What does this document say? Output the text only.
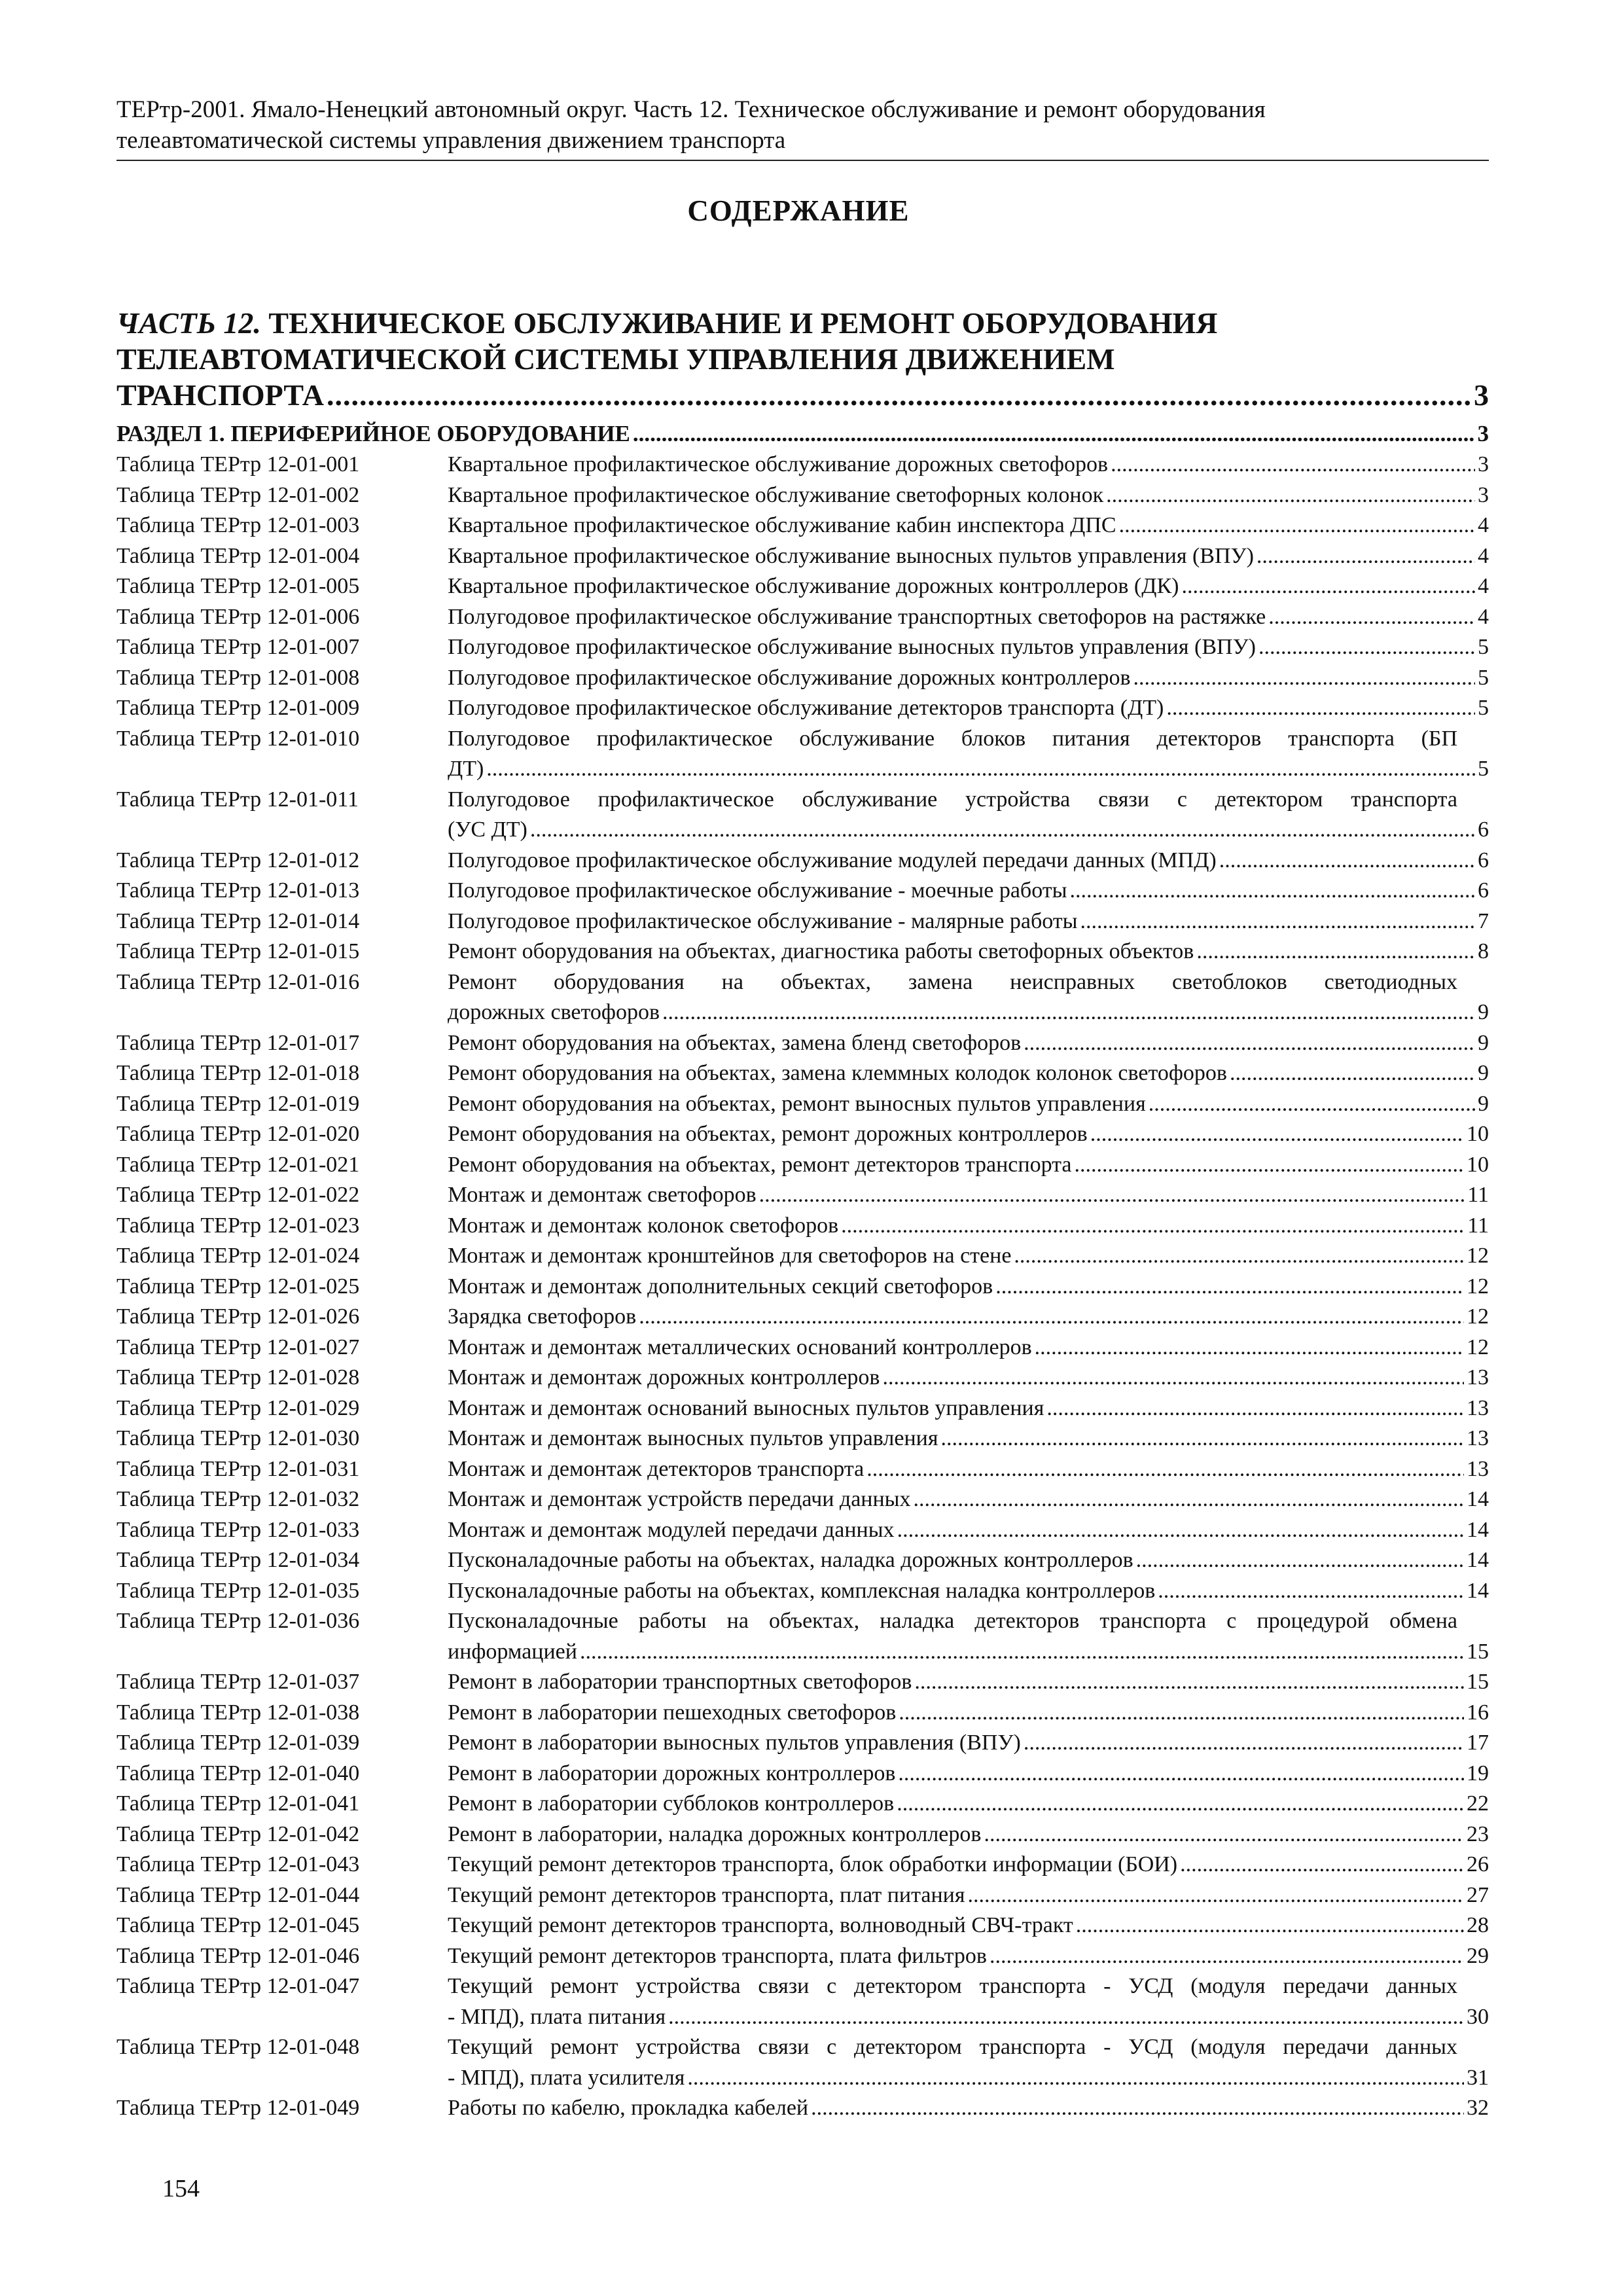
ТЕРтр-2001. Ямало-Ненецкий автономный округ. Часть 12. Техническое обслуживание и ремонт оборудования
телеавтоматической системы управления движением транспорта
СОДЕРЖАНИЕ
ЧАСТЬ 12. ТЕХНИЧЕСКОЕ ОБСЛУЖИВАНИЕ И РЕМОНТ ОБОРУДОВАНИЯ
ТЕЛЕАВТОМАТИЧЕСКОЙ СИСТЕМЫ УПРАВЛЕНИЯ ДВИЖЕНИЕМ
ТРАНСПОРТА .....	3
РАЗДЕЛ 1. ПЕРИФЕРИЙНОЕ ОБОРУДОВАНИЕ .....	3
Таблица ТЕРтр 12-01-001	Квартальное профилактическое обслуживание дорожных светофоров .....	3
Таблица ТЕРтр 12-01-002	Квартальное профилактическое обслуживание светофорных колонок .....	3
Таблица ТЕРтр 12-01-003	Квартальное профилактическое обслуживание кабин инспектора ДПС .....	4
Таблица ТЕРтр 12-01-004	Квартальное профилактическое обслуживание выносных пультов управления (ВПУ) .....	4
Таблица ТЕРтр 12-01-005	Квартальное профилактическое обслуживание дорожных контроллеров (ДК) .....	4
Таблица ТЕРтр 12-01-006	Полугодовое профилактическое обслуживание транспортных светофоров на растяжке .....	4
Таблица ТЕРтр 12-01-007	Полугодовое профилактическое обслуживание выносных пультов управления (ВПУ) .....	5
Таблица ТЕРтр 12-01-008	Полугодовое профилактическое обслуживание дорожных контроллеров .....	5
Таблица ТЕРтр 12-01-009	Полугодовое профилактическое обслуживание детекторов транспорта (ДТ) .....	5
Таблица ТЕРтр 12-01-010	Полугодовое профилактическое обслуживание блоков питания детекторов транспорта (БП
ДТ) .....	5
Таблица ТЕРтр 12-01-011	Полугодовое профилактическое обслуживание устройства связи с детектором транспорта
(УС ДТ) .....	6
Таблица ТЕРтр 12-01-012	Полугодовое профилактическое обслуживание модулей передачи данных (МПД) .....	6
Таблица ТЕРтр 12-01-013	Полугодовое профилактическое обслуживание - моечные работы .....	6
Таблица ТЕРтр 12-01-014	Полугодовое профилактическое обслуживание - малярные работы .....	7
Таблица ТЕРтр 12-01-015	Ремонт оборудования на объектах, диагностика работы светофорных объектов .....	8
Таблица ТЕРтр 12-01-016	Ремонт оборудования на объектах, замена неисправных светоблоков светодиодных
дорожных светофоров .....	9
Таблица ТЕРтр 12-01-017	Ремонт оборудования на объектах, замена бленд светофоров .....	9
Таблица ТЕРтр 12-01-018	Ремонт оборудования на объектах, замена клеммных колодок колонок светофоров .....	9
Таблица ТЕРтр 12-01-019	Ремонт оборудования на объектах, ремонт выносных пультов управления .....	9
Таблица ТЕРтр 12-01-020	Ремонт оборудования на объектах, ремонт дорожных контроллеров .....	10
Таблица ТЕРтр 12-01-021	Ремонт оборудования на объектах, ремонт детекторов транспорта .....	10
Таблица ТЕРтр 12-01-022	Монтаж и демонтаж светофоров .....	11
Таблица ТЕРтр 12-01-023	Монтаж и демонтаж колонок светофоров .....	11
Таблица ТЕРтр 12-01-024	Монтаж и демонтаж кронштейнов для светофоров на стене .....	12
Таблица ТЕРтр 12-01-025	Монтаж и демонтаж дополнительных секций светофоров .....	12
Таблица ТЕРтр 12-01-026	Зарядка светофоров .....	12
Таблица ТЕРтр 12-01-027	Монтаж и демонтаж металлических оснований контроллеров .....	12
Таблица ТЕРтр 12-01-028	Монтаж и демонтаж дорожных контроллеров .....	13
Таблица ТЕРтр 12-01-029	Монтаж и демонтаж оснований выносных пультов управления .....	13
Таблица ТЕРтр 12-01-030	Монтаж и демонтаж выносных пультов управления .....	13
Таблица ТЕРтр 12-01-031	Монтаж и демонтаж детекторов транспорта .....	13
Таблица ТЕРтр 12-01-032	Монтаж и демонтаж устройств передачи данных .....	14
Таблица ТЕРтр 12-01-033	Монтаж и демонтаж модулей передачи данных .....	14
Таблица ТЕРтр 12-01-034	Пусконаладочные работы на объектах, наладка дорожных контроллеров .....	14
Таблица ТЕРтр 12-01-035	Пусконаладочные работы на объектах, комплексная наладка контроллеров .....	14
Таблица ТЕРтр 12-01-036	Пусконаладочные работы на объектах, наладка детекторов транспорта с процедурой обмена
информацией .....	15
Таблица ТЕРтр 12-01-037	Ремонт в лаборатории транспортных светофоров .....	15
Таблица ТЕРтр 12-01-038	Ремонт в лаборатории пешеходных светофоров .....	16
Таблица ТЕРтр 12-01-039	Ремонт в лаборатории выносных пультов управления (ВПУ) .....	17
Таблица ТЕРтр 12-01-040	Ремонт в лаборатории дорожных контроллеров .....	19
Таблица ТЕРтр 12-01-041	Ремонт в лаборатории субблоков контроллеров .....	22
Таблица ТЕРтр 12-01-042	Ремонт в лаборатории, наладка дорожных контроллеров .....	23
Таблица ТЕРтр 12-01-043	Текущий ремонт детекторов транспорта, блок обработки информации (БОИ) .....	26
Таблица ТЕРтр 12-01-044	Текущий ремонт детекторов транспорта, плат питания .....	27
Таблица ТЕРтр 12-01-045	Текущий ремонт детекторов транспорта, волноводный СВЧ-тракт .....	28
Таблица ТЕРтр 12-01-046	Текущий ремонт детекторов транспорта, плата фильтров .....	29
Таблица ТЕРтр 12-01-047	Текущий ремонт устройства связи с детектором транспорта - УСД (модуля передачи данных
- МПД), плата питания .....	30
Таблица ТЕРтр 12-01-048	Текущий ремонт устройства связи с детектором транспорта - УСД (модуля передачи данных
- МПД), плата усилителя .....	31
Таблица ТЕРтр 12-01-049	Работы по кабелю, прокладка кабелей .....	32
154
